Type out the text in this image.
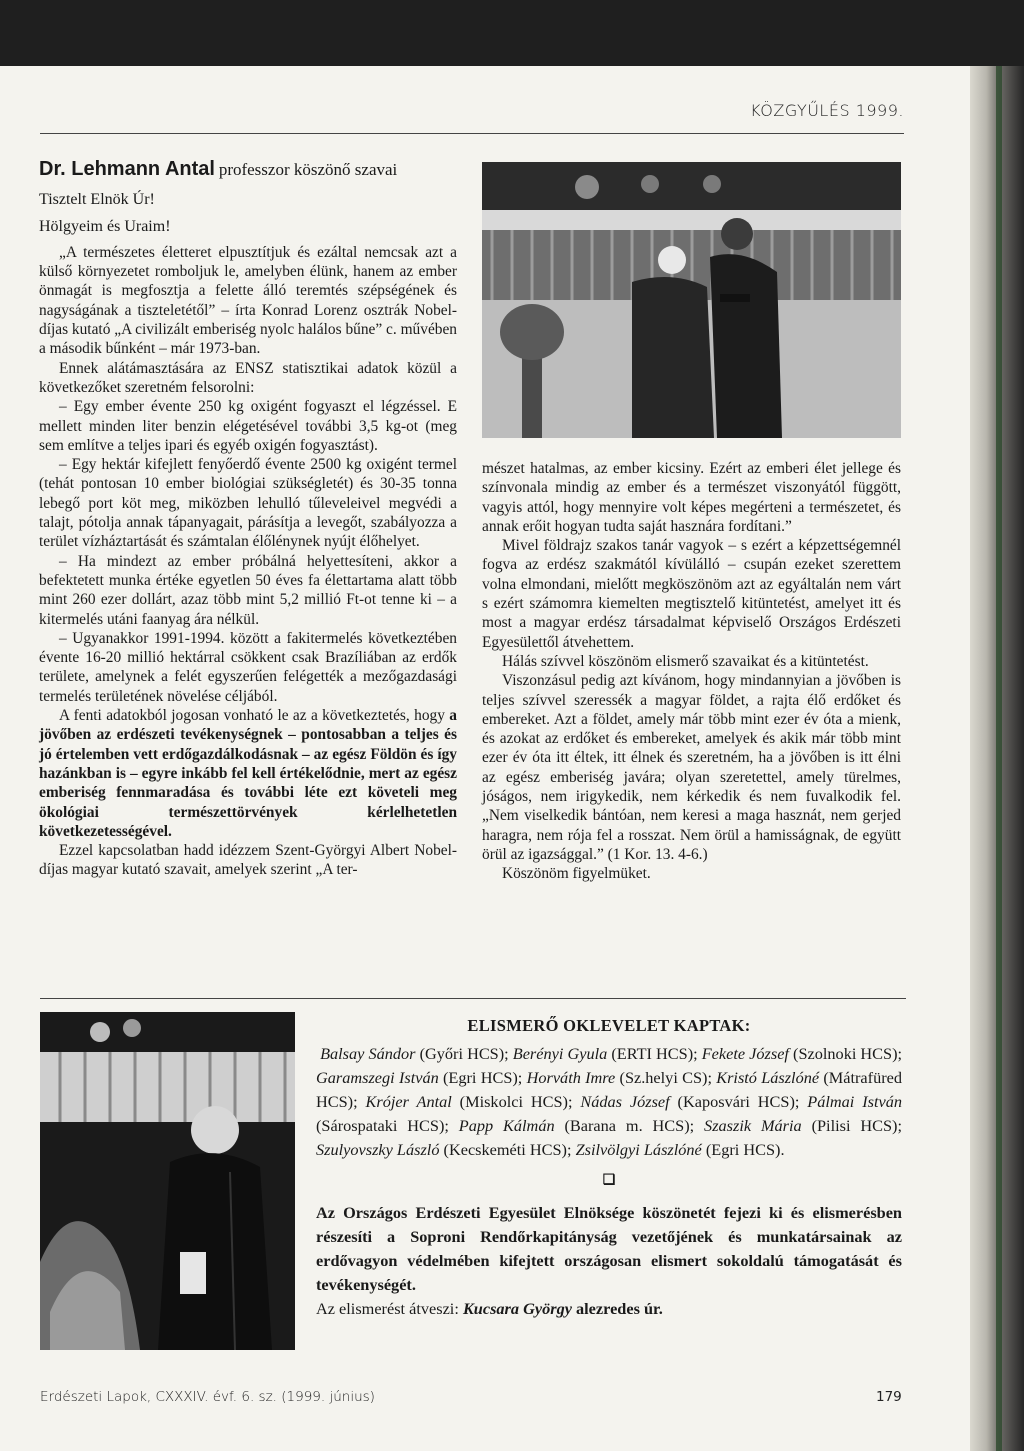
KÖZGYŰLÉS 1999.

Dr. Lehmann Antal professzor köszönő szavai

Tisztelt Elnök Úr!

Hölgyeim és Uraim!

„A természetes életteret elpusztítjuk és ezáltal nemcsak azt a külső környezetet romboljuk le, amelyben élünk, hanem az ember önmagát is megfosztja a felette álló teremtés szépségének és nagyságának a tiszteletétől” – írta Konrad Lorenz osztrák Nobel-díjas kutató „A civilizált emberiség nyolc halálos bűne” c. művében a második bűnként – már 1973-ban.

Ennek alátámasztására az ENSZ statisztikai adatok közül a következőket szeretném felsorolni:

– Egy ember évente 250 kg oxigént fogyaszt el légzéssel. E mellett minden liter benzin elégetésével további 3,5 kg-ot (meg sem említve a teljes ipari és egyéb oxigén fogyasztást).

– Egy hektár kifejlett fenyőerdő évente 2500 kg oxigént termel (tehát pontosan 10 ember biológiai szükségletét) és 30-35 tonna lebegő port köt meg, miközben lehulló tűleveleivel megvédi a talajt, pótolja annak tápanyagait, párásítja a levegőt, szabályozza a terület vízháztartását és számtalan élőlénynek nyújt élőhelyet.

– Ha mindezt az ember próbálná helyettesíteni, akkor a befektetett munka értéke egyetlen 50 éves fa élettartama alatt több mint 260 ezer dollárt, azaz több mint 5,2 millió Ft-ot tenne ki – a kitermelés utáni faanyag ára nélkül.

– Ugyanakkor 1991-1994. között a fakitermelés következtében évente 16-20 millió hektárral csökkent csak Brazíliában az erdők területe, amelynek a felét egyszerűen felégették a mezőgazdasági termelés területének növelése céljából.

A fenti adatokból jogosan vonható le az a következtetés, hogy a jövőben az erdészeti tevékenységnek – pontosabban a teljes és jó értelemben vett erdőgazdálkodásnak – az egész Földön és így hazánkban is – egyre inkább fel kell értékelődnie, mert az egész emberiség fennmaradása és további léte ezt követeli meg ökológiai természettörvények kérlelhetetlen következetességével.

Ezzel kapcsolatban hadd idézzem Szent-Györgyi Albert Nobel-díjas magyar kutató szavait, amelyek szerint „A ter-

mészet hatalmas, az ember kicsiny. Ezért az emberi élet jellege és színvonala mindig az ember és a természet viszonyától függött, vagyis attól, hogy mennyire volt képes megérteni a természetet, és annak erőit hogyan tudta saját hasznára fordítani.”

Mivel földrajz szakos tanár vagyok – s ezért a képzettségemnél fogva az erdész szakmától kívülálló – csupán ezeket szerettem volna elmondani, mielőtt megköszönöm azt az egyáltalán nem várt s ezért számomra kiemelten megtisztelő kitüntetést, amelyet itt és most a magyar erdész társadalmat képviselő Országos Erdészeti Egyesülettől átvehettem.

Hálás szívvel köszönöm elismerő szavaikat és a kitüntetést.

Viszonzásul pedig azt kívánom, hogy mindannyian a jövőben is teljes szívvel szeressék a magyar földet, a rajta élő erdőket és embereket. Azt a földet, amely már több mint ezer év óta a mienk, és azokat az erdőket és embereket, amelyek és akik már több mint ezer év óta itt éltek, itt élnek és szeretném, ha a jövőben is itt élni az egész emberiség javára; olyan szeretettel, amely türelmes, jóságos, nem irigykedik, nem kérkedik és nem fuvalkodik fel. „Nem viselkedik bántóan, nem keresi a maga hasznát, nem gerjed haragra, nem rója fel a rosszat. Nem örül a hamisságnak, de együtt örül az igazsággal.” (1 Kor. 13. 4-6.)

Köszönöm figyelmüket.

ELISMERŐ OKLEVELET KAPTAK:

Balsay Sándor (Győri HCS); Berényi Gyula (ERTI HCS); Fekete József (Szolnoki HCS); Garamszegi István (Egri HCS); Horváth Imre (Sz.helyi CS); Kristó Lászlóné (Mátrafüred HCS); Krójer Antal (Miskolci HCS); Nádas József (Kaposvári HCS); Pálmai István (Sárospataki HCS); Papp Kálmán (Barana m. HCS); Szaszik Mária (Pilisi HCS); Szulyovszky László (Kecskeméti HCS); Zsilvölgyi Lászlóné (Egri HCS).

❏

Az Országos Erdészeti Egyesület Elnöksége köszönetét fejezi ki és elismerésben részesíti a Soproni Rendőrkapitányság vezetőjének és munkatársainak az erdővagyon védelmében kifejtett országosan elismert sokoldalú támogatását és tevékenységét.

Az elismerést átveszi: Kucsara György alezredes úr.

Erdészeti Lapok, CXXXIV. évf. 6. sz. (1999. június)	179
